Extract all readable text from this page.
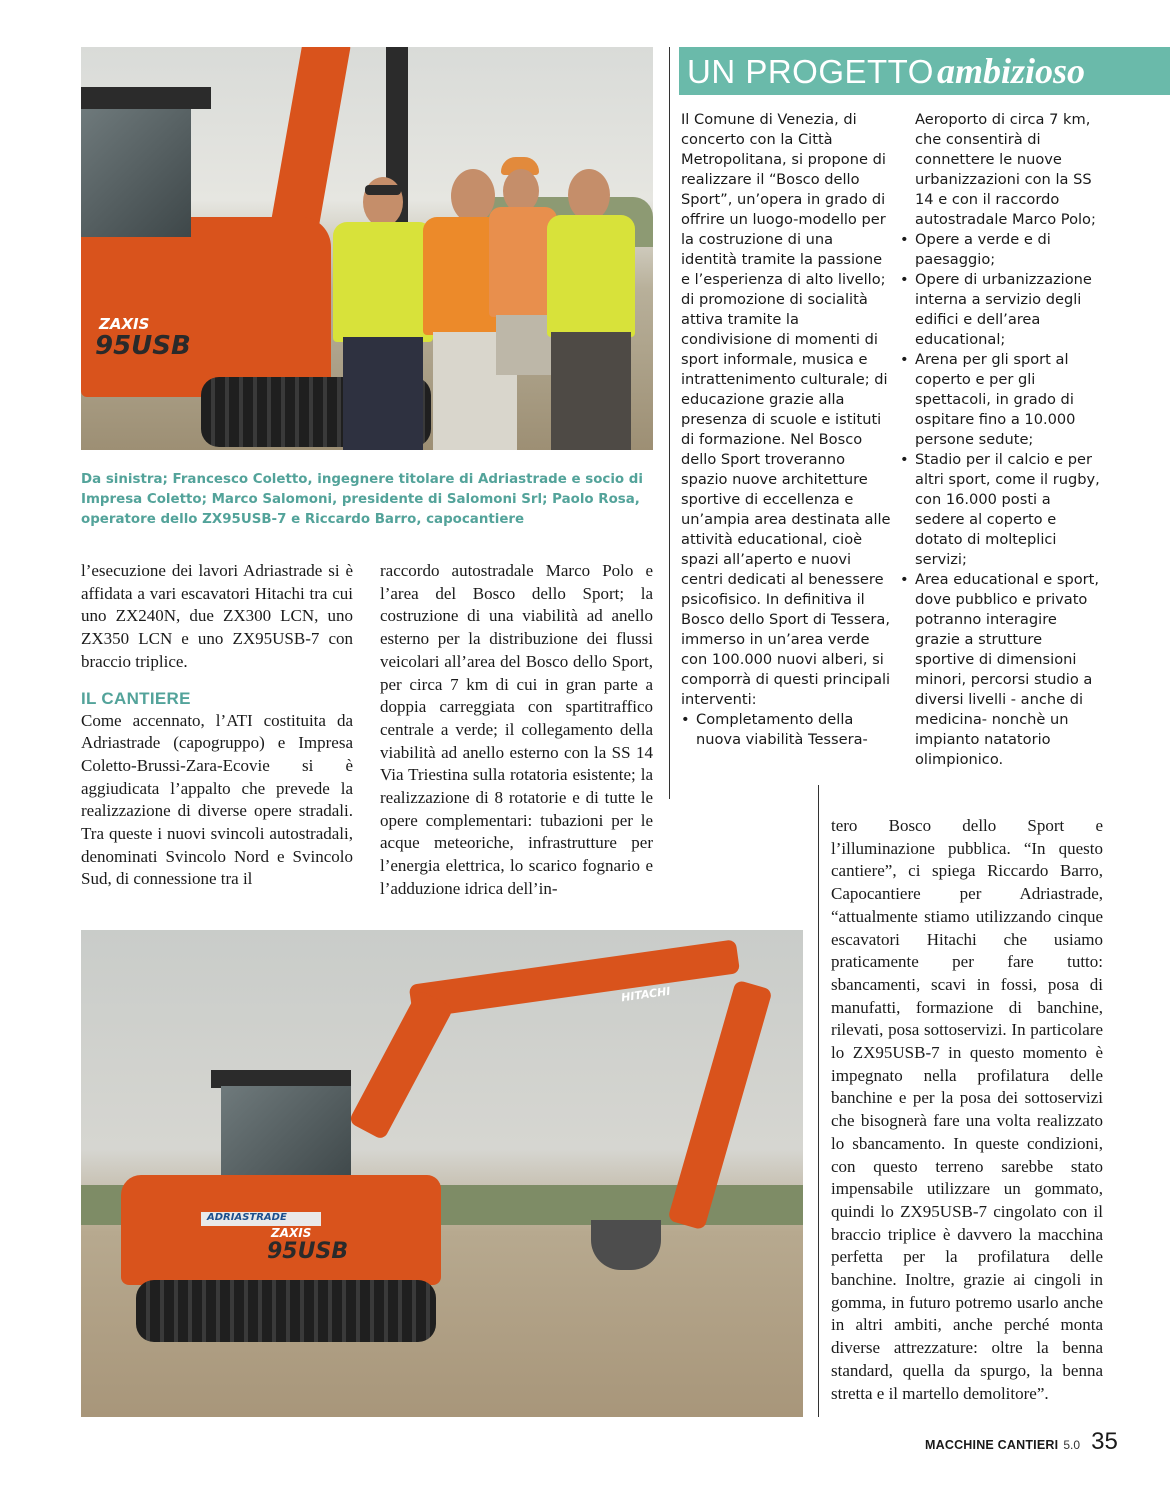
ZAXIS
95USB
Da sinistra; Francesco Coletto, ingegnere titolare di Adriastrade e socio di Impresa Coletto; Marco Salomoni, presidente di Salomoni Srl; Paolo Rosa, operatore dello ZX95USB-7 e Riccardo Barro, capocantiere
UN PROGETTO ambizioso
Il Comune di Venezia, di concerto con la Città Metropolitana, si propone di realizzare il “Bosco dello Sport”, un’opera in grado di offrire un luogo-modello per la costruzione di una identità tramite la passione e l’esperienza di alto livello; di promozione di socialità attiva tramite la condivisione di momenti di sport informale, musica e intrattenimento culturale; di educazione grazie alla presenza di scuole e istituti di formazione. Nel Bosco dello Sport troveranno spazio nuove architetture sportive di eccellenza e un’ampia area destinata alle attività educational, cioè spazi all’aperto e nuovi centri dedicati al benessere psicofisico. In definitiva il Bosco dello Sport di Tessera, immerso in un’area verde con 100.000 nuovi alberi, si comporrà di questi principali interventi:
• Completamento della nuova viabilità Tessera-
Aeroporto di circa 7 km, che consentirà di connettere le nuove urbanizzazioni con la SS 14 e con il raccordo autostradale Marco Polo;
• Opere a verde e di paesaggio;
• Opere di urbanizzazione interna a servizio degli edifici e dell’area educational;
• Arena per gli sport al coperto e per gli spettacoli, in grado di ospitare fino a 10.000 persone sedute;
• Stadio per il calcio e per altri sport, come il rugby, con 16.000 posti a sedere al coperto e dotato di molteplici servizi;
• Area educational e sport, dove pubblico e privato potranno interagire grazie a strutture sportive di dimensioni minori, percorsi studio a diversi livelli - anche di medicina- nonchè un impianto natatorio olimpionico.
l’esecuzione dei lavori Adriastrade si è affidata a vari escavatori Hitachi tra cui uno ZX240N, due ZX300 LCN, uno ZX350 LCN e uno ZX95USB-7 con braccio triplice.
IL CANTIERE
Come accennato, l’ATI costituita da Adriastrade (capogruppo) e Impresa Coletto-Brussi-Zara-Ecovie si è aggiudicata l’appalto che prevede la realizzazione di diverse opere stradali. Tra queste i nuovi svincoli autostradali, denominati Svincolo Nord e Svincolo Sud, di connessione tra il
raccordo autostradale Marco Polo e l’area del Bosco dello Sport; la costruzione di una viabilità ad anello esterno per la distribuzione dei flussi veicolari all’area del Bosco dello Sport, per circa 7 km di cui in gran parte a doppia carreggiata con spartitraffico centrale a verde; il collegamento della viabilità ad anello esterno con la SS 14 Via Triestina sulla rotatoria esistente; la realizzazione di 8 rotatorie e di tutte le opere complementari: tubazioni per le acque meteoriche, infrastrutture per l’energia elettrica, lo scarico fognario e l’adduzione idrica dell’in-
tero Bosco dello Sport e l’illuminazione pubblica. “In questo cantiere”, ci spiega Riccardo Barro, Capocantiere per Adriastrade, “attualmente stiamo utilizzando cinque escavatori Hitachi che usiamo praticamente per fare tutto: sbancamenti, scavi in fossi, posa di manufatti, formazione di banchine, rilevati, posa sottoservizi. In particolare lo ZX95USB-7 in questo momento è impegnato nella profilatura delle banchine e per la posa dei sottoservizi che bisognerà fare una volta realizzato lo sbancamento. In queste condizioni, con questo terreno sarebbe stato impensabile utilizzare un gommato, quindi lo ZX95USB-7 cingolato con il braccio triplice è davvero la macchina perfetta per la profilatura delle banchine. Inoltre, grazie ai cingoli in gomma, in futuro potremo usarlo anche in altri ambiti, anche perché monta diverse attrezzature: oltre la benna standard, quella da spurgo, la benna stretta e il martello demolitore”.
HITACHI
ADRIASTRADE
ZAXIS
95USB
MACCHINE CANTIERI 5.0 35
